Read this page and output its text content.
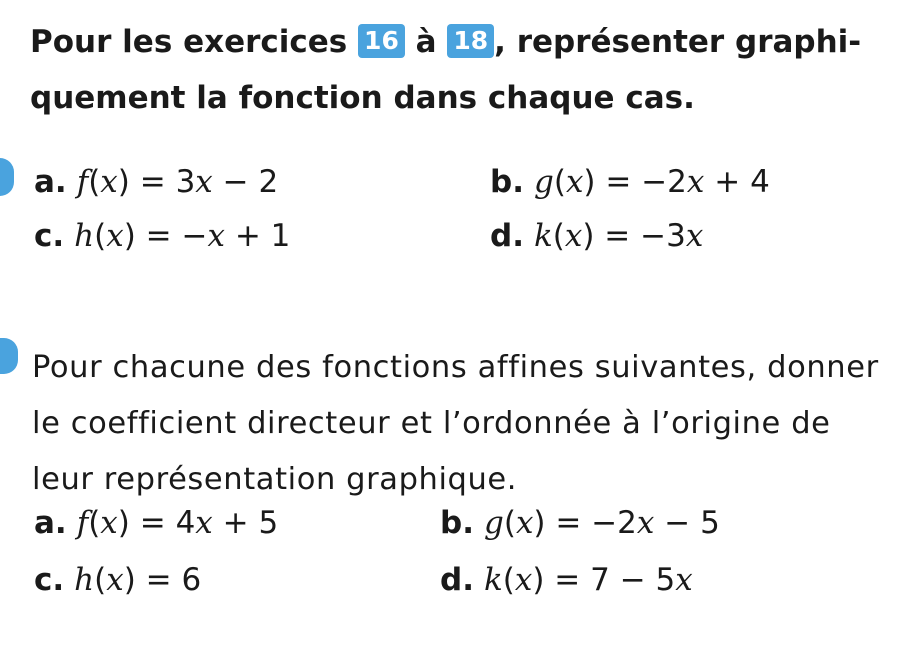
Pour les exercices 16 à 18 , représenter graphi-quement la fonction dans chaque cas.
a. f(x) = 3x − 2	b. g(x) = −2x + 4
c. h(x) = −x + 1	d. k(x) = −3x
Pour chacune des fonctions affines suivantes, donner le coefficient directeur et l’ordonnée à l’origine de leur représentation graphique.
a. f(x) = 4x + 5	b. g(x) = −2x − 5
c. h(x) = 6	d. k(x) = 7 − 5x
